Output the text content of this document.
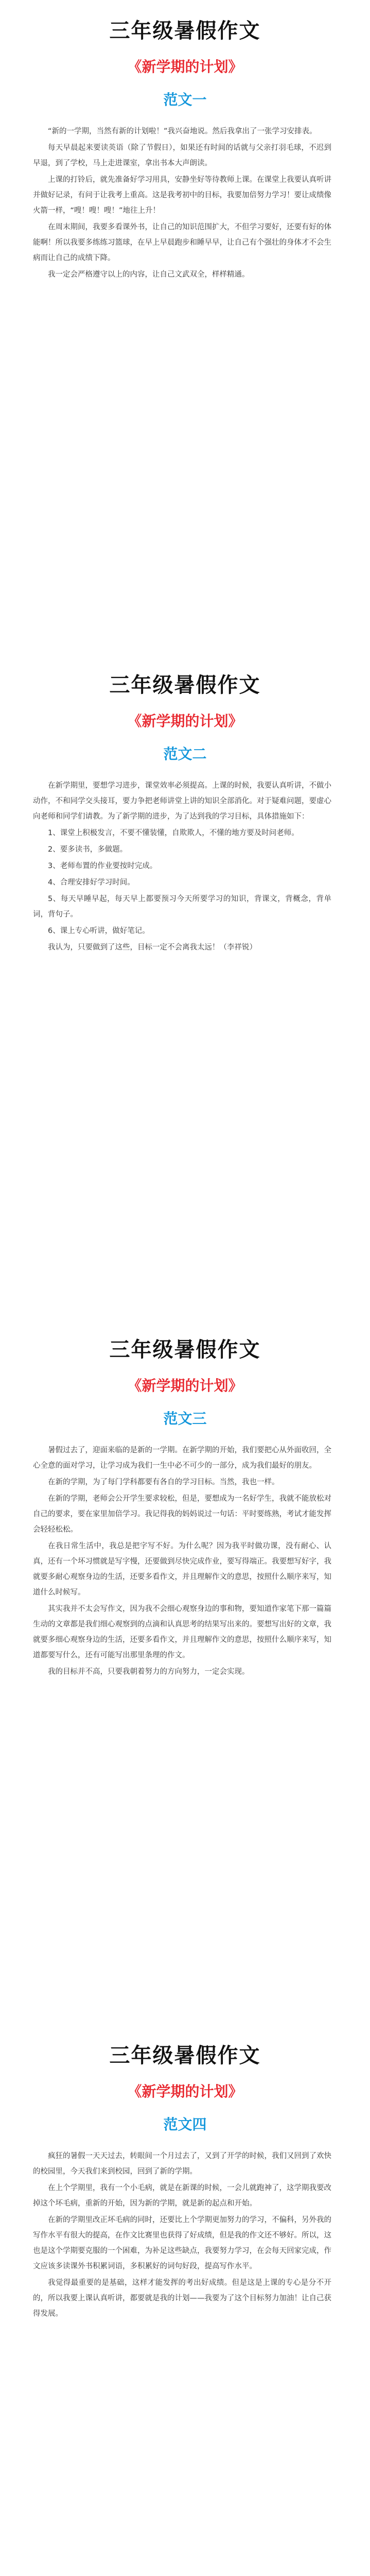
三年级暑假作文
《新学期的计划》
范文一

“新的一学期，当然有新的计划啦！”我兴奋地说。然后我拿出了一张学习安排表。

每天早晨起来要读英语（除了节假日），如果还有时间的话就与父亲打羽毛球，不迟到早退，到了学校，马上走进课室，拿出书本大声朗读。

上课的打铃后，就先准备好学习用具，安静坐好等待教师上课。在课堂上我要认真听讲并做好记录，有问于让我考上重高。这是我考初中的目标，我要加倍努力学习！要让成绩像火箭一样，“嗖！嗖！嗖！”地往上升！

在周末期间，我要多看课外书，让自己的知识范围扩大，不但学习要好，还要有好的体能啊！所以我要多练练习篮球，在早上早晨跑步和睡早早，让自己有个强壮的身体才不会生病而让自己的成绩下降。

我一定会严格遵守以上的内容，让自己文武双全，样样精通。

三年级暑假作文
《新学期的计划》
范文二

在新学期里，要想学习进步，课堂效率必须提高。上课的时候，我要认真听讲，不做小动作，不和同学交头接耳，要力争把老师讲堂上讲的知识全部消化。对于疑难问题，要虚心向老师和同学们请教。为了新学期的进步，为了达到我的学习目标，具体措施如下：

1、课堂上积极发言，不要不懂装懂，自欺欺人，不懂的地方要及时问老师。

2、要多读书，多做题。

3、老师布置的作业要按时完成。

4、合理安排好学习时间。

5、每天早睡早起，每天早上都要预习今天所要学习的知识，背课文，背概念，背单词，背句子。

6、课上专心听讲，做好笔记。

我认为，只要做到了这些，目标一定不会离我太远！（李祥锐）

三年级暑假作文
《新学期的计划》
范文三

暑假过去了，迎面来临的是新的一学期。在新学期的开始，我们要把心从外面收回，全心全意的面对学习，让学习成为我们一生中必不可少的一部分，成为我们最好的朋友。

在新的学期，为了每门学科都要有各自的学习目标。当然，我也一样。

在新的学期，老师会公开学生要求较松，但是，要想成为一名好学生，我就不能放松对自己的要求，要在家里加倍学习。我记得我的妈妈说过一句话：平时要练熟，考试才能发挥会轻轻松松。

在我日常生活中，我总是把字写不好。为什么呢？因为我平时做功课，没有耐心、认真，还有一个坏习惯就是写字慢，还要做到尽快完成作业，要写得端正。我要想写好字，我就要多耐心观察身边的生活，还要多看作文，并且理解作文的意思，按照什么顺序来写，知道什么时候写。

其实我并不太会写作文，因为我不会细心观察身边的事和物，要知道作家笔下那一篇篇生动的文章都是我们细心观察到的点滴和认真思考的结果写出来的。要想写出好的文章，我就要多细心观察身边的生活，还要多看作文，并且理解作文的意思，按照什么顺序来写，知道都要写什么，还有可能写出那里条理的作文。

我的目标并不高，只要我朝着努力的方向努力，一定会实现。

三年级暑假作文
《新学期的计划》
范文四

疯狂的暑假一天天过去，转眼间一个月过去了，又到了开学的时候，我们又回到了欢快的校园里，今天我们来到校园，回到了新的学期。

在上个学期里，我有一个小毛病，就是在新课的时候，一会儿就跑神了，这学期我要改掉这个坏毛病，重新的开始，因为新的学期，就是新的起点和开始。

在新的学期里改正坏毛病的同时，还要比上个学期更加努力的学习，不偏科，另外我的写作水平有很大的提高，在作文比赛里也获得了好成绩，但是我的作文还不够好。所以，这也是这个学期要克服的一个困难，为补足这些缺点，我要努力学习，在会每天回家完成，作文应该多读课外书积累词语，多积累好的词句好段，提高写作水平。

我觉得最重要的是基础，这样才能发挥的考出好成绩。但是这是上课的专心是分不开的，所以我要上课认真听讲，都要就是我的计划——我要为了这个目标努力加油！让自己获得发展。
